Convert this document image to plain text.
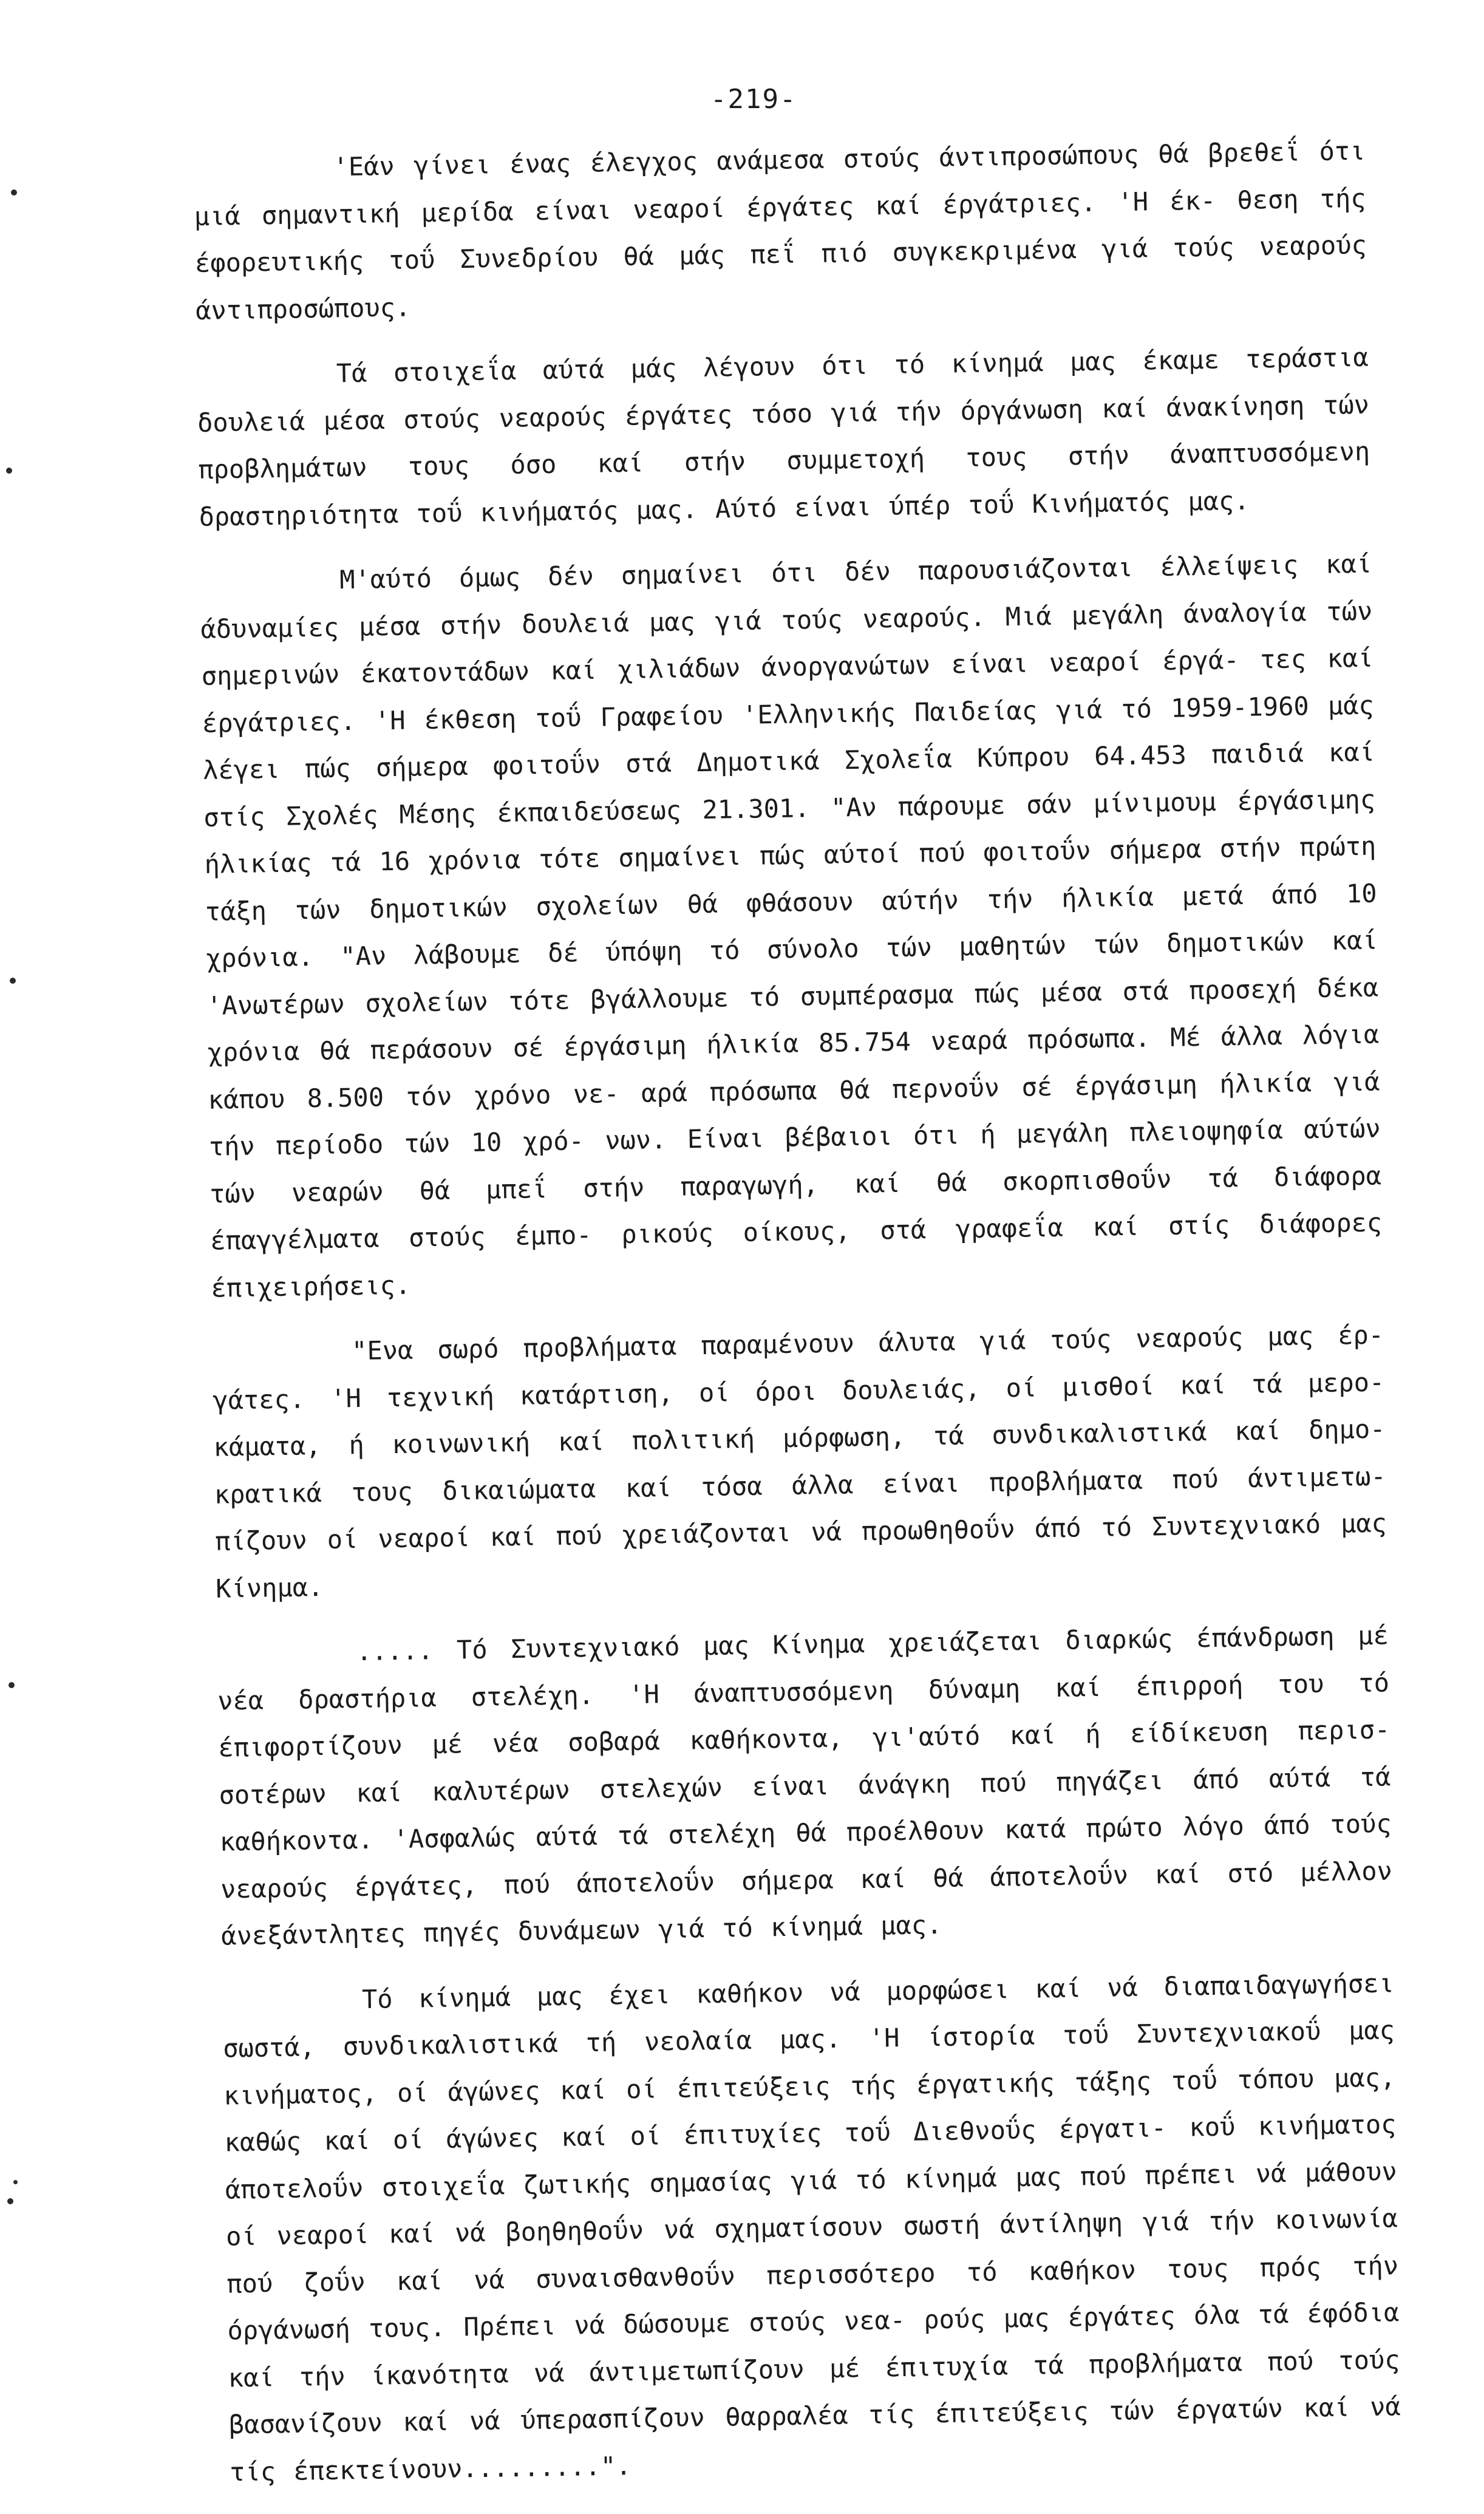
-219-

'Εάν γίνει ένας έλεγχος ανάμεσα στούς άντιπροσώπους θά βρεθεΐ ότι μιά σημαντική μερίδα είναι νεαροί έργάτες καί έργάτριες. 'Η έκ- θεση τής έφορευτικής τοΰ Συνεδρίου θά μάς πεΐ πιό συγκεκριμένα γιά τούς νεαρούς άντιπροσώπους.

Τά στοιχεΐα αύτά μάς λέγουν ότι τό κίνημά μας έκαμε τεράστια δουλειά μέσα στούς νεαρούς έργάτες τόσο γιά τήν όργάνωση καί άνακίνηση τών προβλημάτων τους όσο καί στήν συμμετοχή τους στήν άναπτυσσόμενη δραστηριότητα τοΰ κινήματός μας. Αύτό είναι ύπέρ τοΰ Κινήματός μας.

Μ'αύτό όμως δέν σημαίνει ότι δέν παρουσιάζονται έλλείψεις καί άδυναμίες μέσα στήν δουλειά μας γιά τούς νεαρούς. Μιά μεγάλη άναλογία τών σημερινών έκατοντάδων καί χιλιάδων άνοργανώτων είναι νεαροί έργά- τες καί έργάτριες. 'Η έκθεση τοΰ Γραφείου 'Ελληνικής Παιδείας γιά τό 1959-1960 μάς λέγει πώς σήμερα φοιτοΰν στά Δημοτικά Σχολεΐα Κύπρου 64.453 παιδιά καί στίς Σχολές Μέσης έκπαιδεύσεως 21.301. "Αν πάρουμε σάν μίνιμουμ έργάσιμης ήλικίας τά 16 χρόνια τότε σημαίνει πώς αύτοί πού φοιτοΰν σήμερα στήν πρώτη τάξη τών δημοτικών σχολείων θά φθάσουν αύτήν τήν ήλικία μετά άπό 10 χρόνια. "Αν λάβουμε δέ ύπόψη τό σύνολο τών μαθητών τών δημοτικών καί 'Ανωτέρων σχολείων τότε βγάλλουμε τό συμπέρασμα πώς μέσα στά προσεχή δέκα χρόνια θά περάσουν σέ έργάσιμη ήλικία 85.754 νεαρά πρόσωπα. Μέ άλλα λόγια κάπου 8.500 τόν χρόνο νε- αρά πρόσωπα θά περνοΰν σέ έργάσιμη ήλικία γιά τήν περίοδο τών 10 χρό- νων. Είναι βέβαιοι ότι ή μεγάλη πλειοψηφία αύτών τών νεαρών θά μπεΐ στήν παραγωγή, καί θά σκορπισθοΰν τά διάφορα έπαγγέλματα στούς έμπο- ρικούς οίκους, στά γραφεΐα καί στίς διάφορες έπιχειρήσεις.

"Ενα σωρό προβλήματα παραμένουν άλυτα γιά τούς νεαρούς μας έρ- γάτες. 'Η τεχνική κατάρτιση, οί όροι δουλειάς, οί μισθοί καί τά μερο- κάματα, ή κοινωνική καί πολιτική μόρφωση, τά συνδικαλιστικά καί δημο- κρατικά τους δικαιώματα καί τόσα άλλα είναι προβλήματα πού άντιμετω- πίζουν οί νεαροί καί πού χρειάζονται νά προωθηθοΰν άπό τό Συντεχνιακό μας Κίνημα.

..... Τό Συντεχνιακό μας Κίνημα χρειάζεται διαρκώς έπάνδρωση μέ νέα δραστήρια στελέχη. 'Η άναπτυσσόμενη δύναμη καί έπιρροή του τό έπιφορτίζουν μέ νέα σοβαρά καθήκοντα, γι'αύτό καί ή είδίκευση περισ- σοτέρων καί καλυτέρων στελεχών είναι άνάγκη πού πηγάζει άπό αύτά τά καθήκοντα. 'Ασφαλώς αύτά τά στελέχη θά προέλθουν κατά πρώτο λόγο άπό τούς νεαρούς έργάτες, πού άποτελοΰν σήμερα καί θά άποτελοΰν καί στό μέλλον άνεξάντλητες πηγές δυνάμεων γιά τό κίνημά μας.

Τό κίνημά μας έχει καθήκον νά μορφώσει καί νά διαπαιδαγωγήσει σωστά, συνδικαλιστικά τή νεολαία μας. 'Η ίστορία τοΰ Συντεχνιακοΰ μας κινήματος, οί άγώνες καί οί έπιτεύξεις τής έργατικής τάξης τοΰ τόπου μας, καθώς καί οί άγώνες καί οί έπιτυχίες τοΰ Διεθνοΰς έργατι- κοΰ κινήματος άποτελοΰν στοιχεΐα ζωτικής σημασίας γιά τό κίνημά μας πού πρέπει νά μάθουν οί νεαροί καί νά βοηθηθοΰν νά σχηματίσουν σωστή άντίληψη γιά τήν κοινωνία πού ζοΰν καί νά συναισθανθοΰν περισσότερο τό καθήκον τους πρός τήν όργάνωσή τους. Πρέπει νά δώσουμε στούς νεα- ρούς μας έργάτες όλα τά έφόδια καί τήν ίκανότητα νά άντιμετωπίζουν μέ έπιτυχία τά προβλήματα πού τούς βασανίζουν καί νά ύπερασπίζουν θαρραλέα τίς έπιτεύξεις τών έργατών καί νά τίς έπεκτείνουν.........".
